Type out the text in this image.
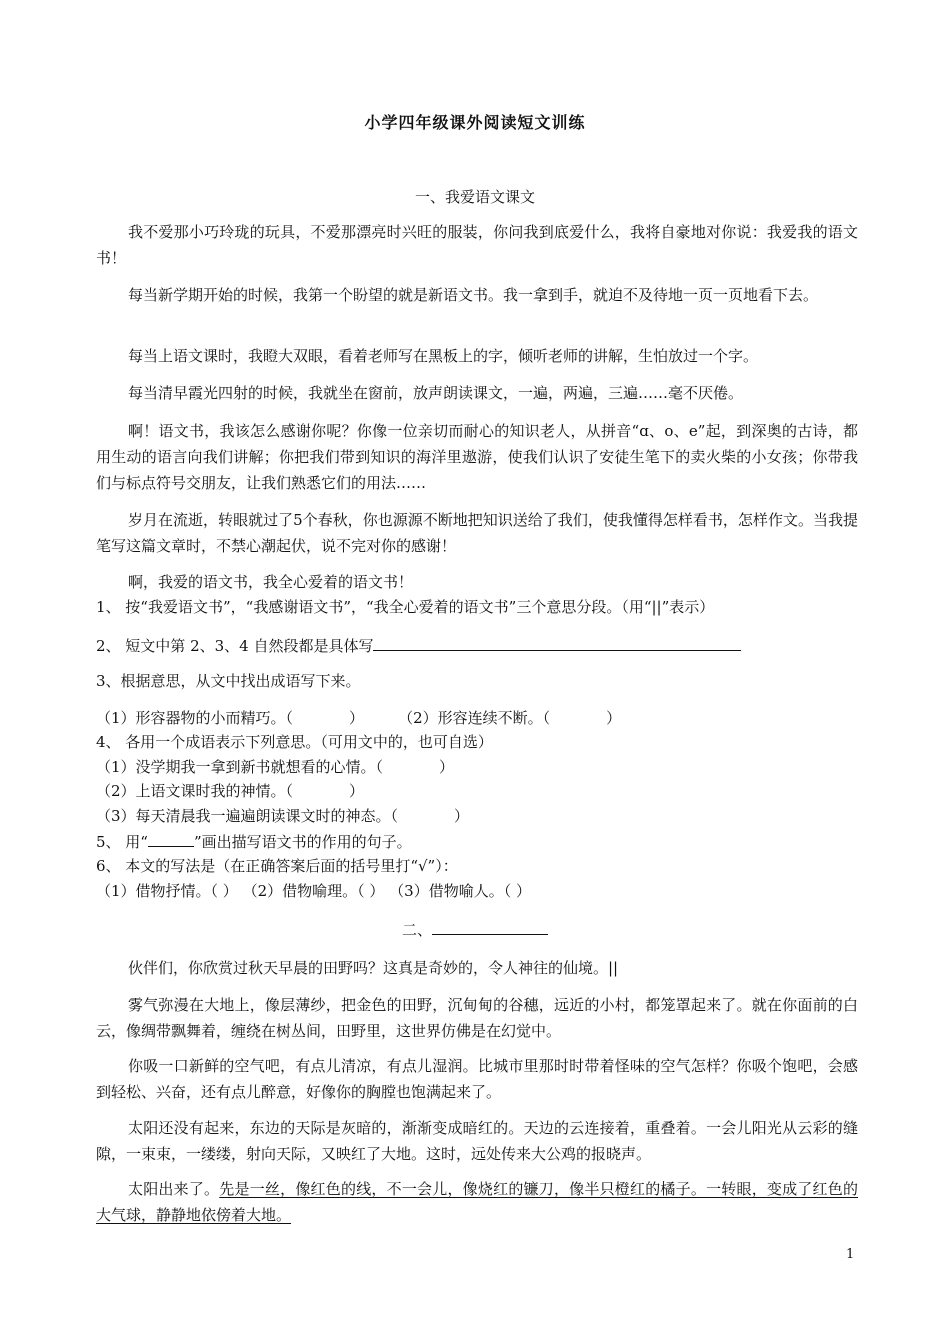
小学四年级课外阅读短文训练
一、我爱语文课文
我不爱那小巧玲珑的玩具，不爱那漂亮时兴旺的服装，你问我到底爱什么，我将自豪地对你说：我爱我的语文书！
每当新学期开始的时候，我第一个盼望的就是新语文书。我一拿到手，就迫不及待地一页一页地看下去。
每当上语文课时，我瞪大双眼，看着老师写在黑板上的字，倾听老师的讲解，生怕放过一个字。
每当清早霞光四射的时候，我就坐在窗前，放声朗读课文，一遍，两遍，三遍……毫不厌倦。
啊！语文书，我该怎么感谢你呢？你像一位亲切而耐心的知识老人，从拼音“ɑ、o、e”起，到深奥的古诗，都用生动的语言向我们讲解；你把我们带到知识的海洋里遨游，使我们认识了安徒生笔下的卖火柴的小女孩；你带我们与标点符号交朋友，让我们熟悉它们的用法……
岁月在流逝，转眼就过了5个春秋，你也源源不断地把知识送给了我们，使我懂得怎样看书，怎样作文。当我提笔写这篇文章时，不禁心潮起伏，说不完对你的感谢！
啊，我爱的语文书，我全心爱着的语文书！
1、 按“我爱语文书”，“我感谢语文书”，“我全心爱着的语文书”三个意思分段。（用“||”表示）
2、 短文中第 2、3、4 自然段都是具体写
3、根据意思，从文中找出成语写下来。
（1）形容器物的小而精巧。（	） （2）形容连续不断。（	）
4、 各用一个成语表示下列意思。（可用文中的，也可自选）
（1）没学期我一拿到新书就想看的心情。（	）
（2）上语文课时我的神情。（	）
（3）每天清晨我一遍遍朗读课文时的神态。（	）
5、 用“	”画出描写语文书的作用的句子。
6、 本文的写法是（在正确答案后面的括号里打“√”）：
（1）借物抒情。（ ） （2）借物喻理。（ ） （3）借物喻人。（ ）
二、
伙伴们，你欣赏过秋天早晨的田野吗？这真是奇妙的，令人神往的仙境。||
雾气弥漫在大地上，像层薄纱，把金色的田野，沉甸甸的谷穗，远近的小村，都笼罩起来了。就在你面前的白云，像绸带飘舞着，缠绕在树丛间，田野里，这世界仿佛是在幻觉中。
你吸一口新鲜的空气吧，有点儿清凉，有点儿湿润。比城市里那时时带着怪味的空气怎样？你吸个饱吧，会感到轻松、兴奋，还有点儿醉意，好像你的胸膛也饱满起来了。
太阳还没有起来，东边的天际是灰暗的，渐渐变成暗红的。天边的云连接着，重叠着。一会儿阳光从云彩的缝隙，一束束，一缕缕，射向天际，又映红了大地。这时，远处传来大公鸡的报晓声。
太阳出来了。先是一丝，像红色的线，不一会儿，像烧红的镰刀，像半只橙红的橘子。一转眼，变成了红色的大气球，静静地依傍着大地。
1
